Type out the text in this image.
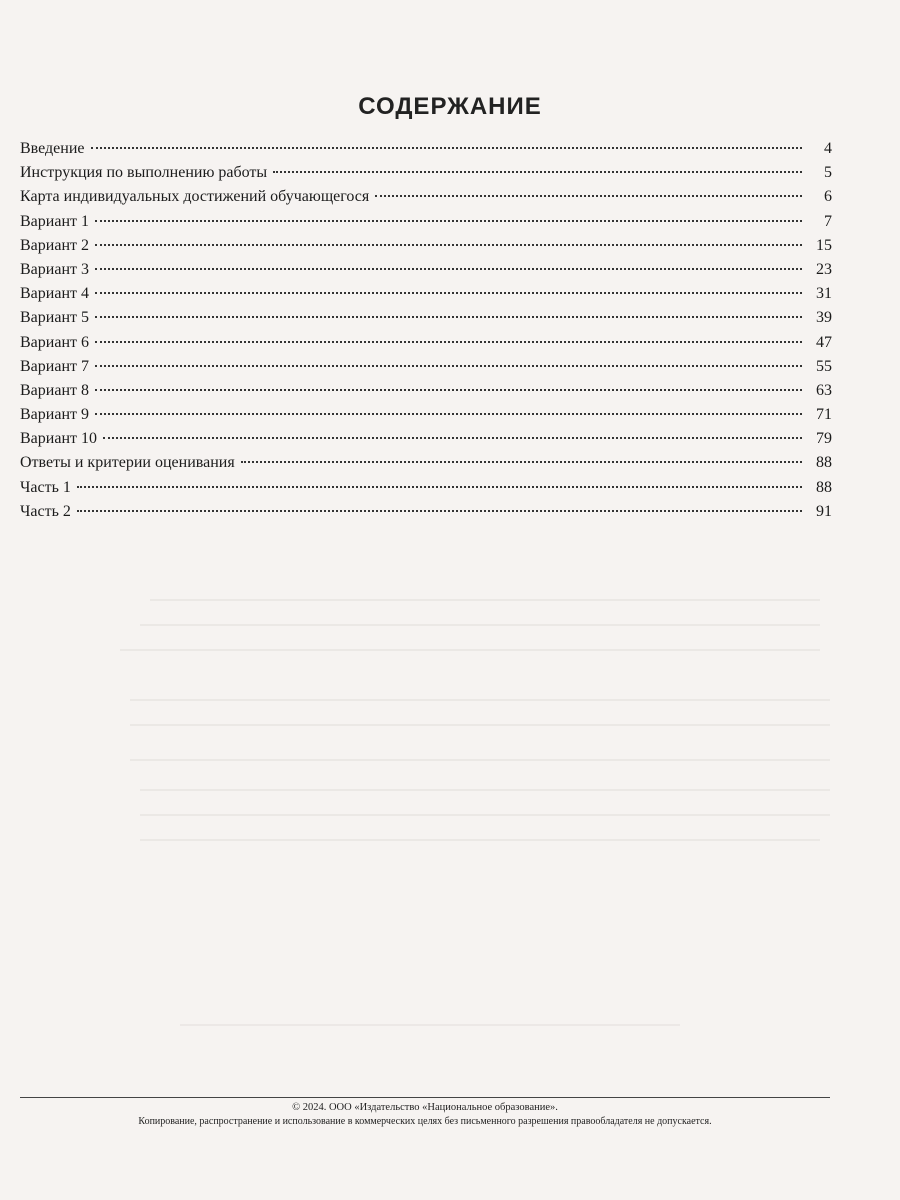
СОДЕРЖАНИЕ
Введение	4
Инструкция по выполнению работы	5
Карта индивидуальных достижений обучающегося	6
Вариант 1	7
Вариант 2	15
Вариант 3	23
Вариант 4	31
Вариант 5	39
Вариант 6	47
Вариант 7	55
Вариант 8	63
Вариант 9	71
Вариант 10	79
Ответы и критерии оценивания	88
Часть 1	88
Часть 2	91
© 2024. ООО «Издательство «Национальное образование».
Копирование, распространение и использование в коммерческих целях без письменного разрешения правообладателя не допускается.
